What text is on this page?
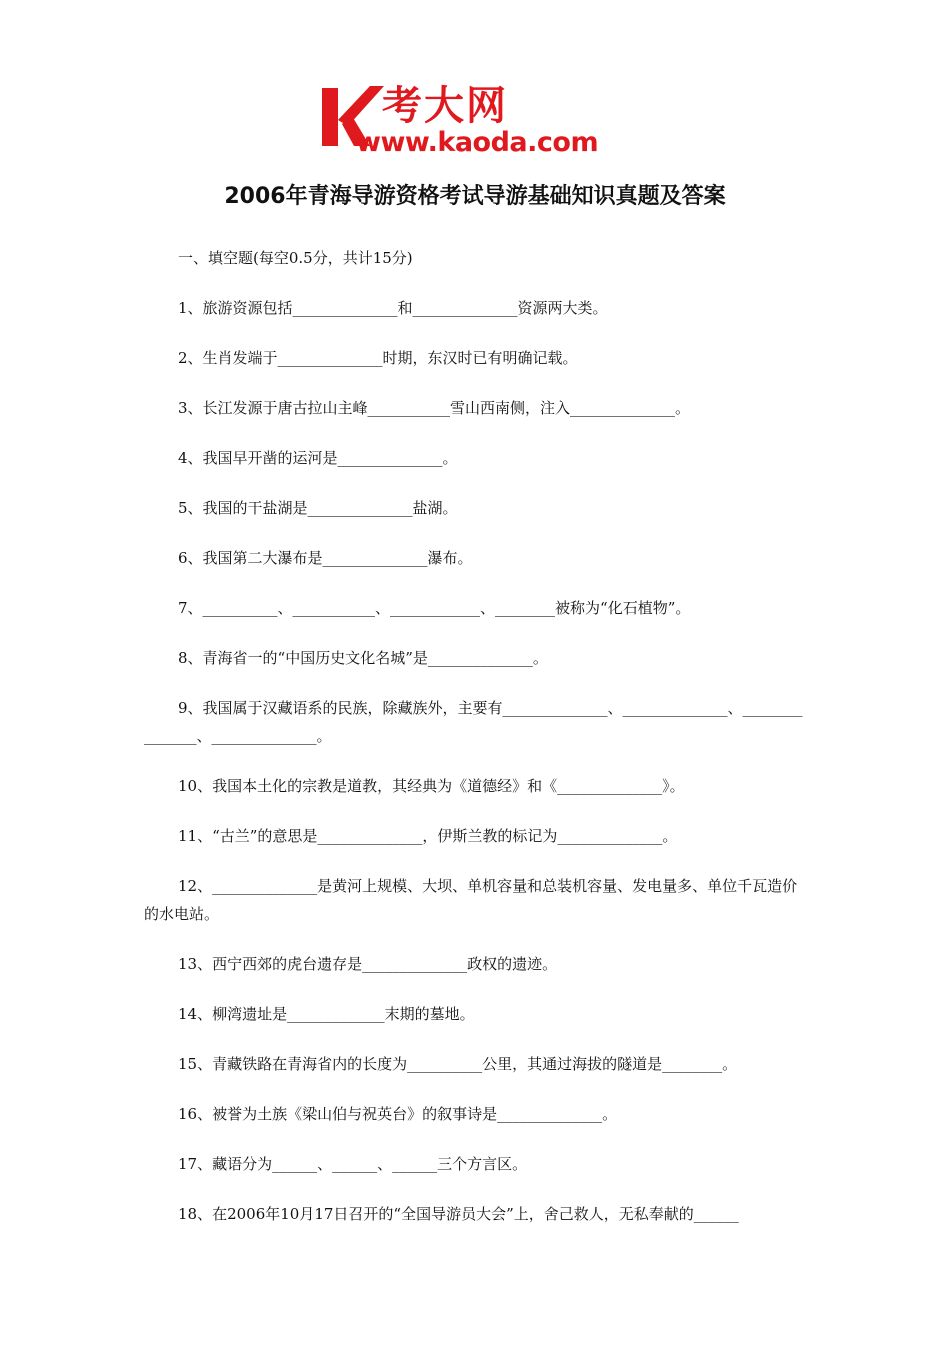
考大网
www.kaoda.com
2006年青海导游资格考试导游基础知识真题及答案

一、填空题(每空0.5分，共计15分)

1、旅游资源包括______________和______________资源两大类。

2、生肖发端于______________时期，东汉时已有明确记载。

3、长江发源于唐古拉山主峰___________雪山西南侧，注入______________。

4、我国早开凿的运河是______________。

5、我国的干盐湖是______________盐湖。

6、我国第二大瀑布是______________瀑布。

7、__________、___________、____________、________被称为“化石植物”。

8、青海省一的“中国历史文化名城”是______________。

9、我国属于汉藏语系的民族，除藏族外，主要有______________、______________、_______________、______________。

10、我国本土化的宗教是道教，其经典为《道德经》和《______________》。

11、“古兰”的意思是______________，伊斯兰教的标记为______________。

12、______________是黄河上规模、大坝、单机容量和总装机容量、发电量多、单位千瓦造价的水电站。

13、西宁西郊的虎台遗存是______________政权的遗迹。

14、柳湾遗址是_____________末期的墓地。

15、青藏铁路在青海省内的长度为__________公里，其通过海拔的隧道是________。

16、被誉为土族《梁山伯与祝英台》的叙事诗是______________。

17、藏语分为______、______、______三个方言区。

18、在2006年10月17日召开的“全国导游员大会”上，舍己救人，无私奉献的______
